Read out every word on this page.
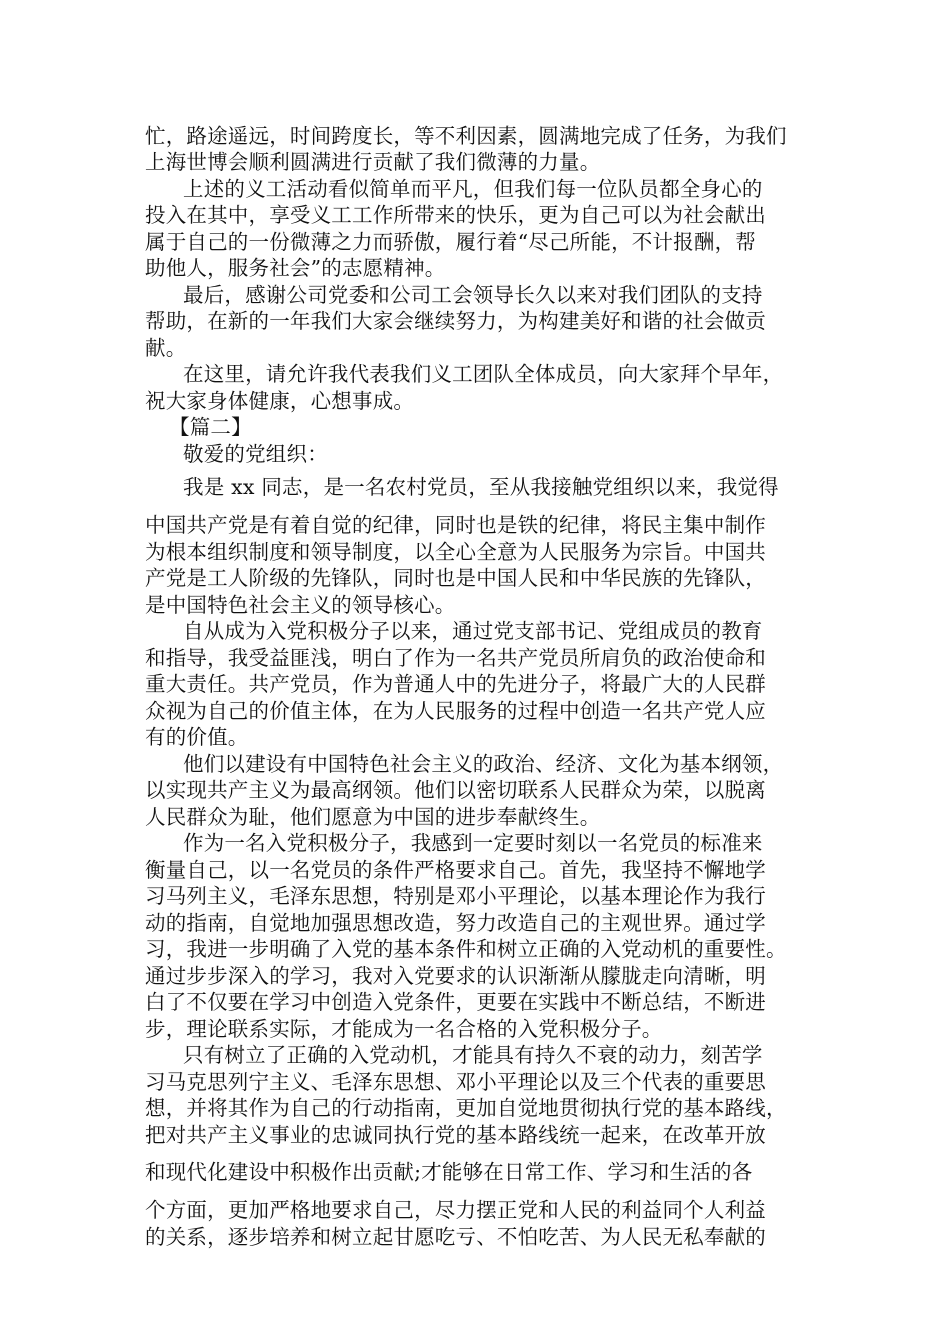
忙，路途遥远，时间跨度长，等不利因素，圆满地完成了任务，为我们
上海世博会顺利圆满进行贡献了我们微薄的力量。
上述的义工活动看似简单而平凡，但我们每一位队员都全身心的
投入在其中，享受义工工作所带来的快乐，更为自己可以为社会献出
属于自己的一份微薄之力而骄傲，履行着“尽己所能，不计报酬，帮
助他人，服务社会”的志愿精神。
最后，感谢公司党委和公司工会领导长久以来对我们团队的支持
帮助，在新的一年我们大家会继续努力，为构建美好和谐的社会做贡
献。
在这里，请允许我代表我们义工团队全体成员，向大家拜个早年，
祝大家身体健康，心想事成。
【篇二】
敬爱的党组织：
我是 xx 同志，是一名农村党员，至从我接触党组织以来，我觉得
中国共产党是有着自觉的纪律，同时也是铁的纪律，将民主集中制作
为根本组织制度和领导制度，以全心全意为人民服务为宗旨。中国共
产党是工人阶级的先锋队，同时也是中国人民和中华民族的先锋队，
是中国特色社会主义的领导核心。
自从成为入党积极分子以来，通过党支部书记、党组成员的教育
和指导，我受益匪浅，明白了作为一名共产党员所肩负的政治使命和
重大责任。共产党员，作为普通人中的先进分子，将最广大的人民群
众视为自己的价值主体，在为人民服务的过程中创造一名共产党人应
有的价值。
他们以建设有中国特色社会主义的政治、经济、文化为基本纲领，
以实现共产主义为最高纲领。他们以密切联系人民群众为荣，以脱离
人民群众为耻，他们愿意为中国的进步奉献终生。
作为一名入党积极分子，我感到一定要时刻以一名党员的标准来
衡量自己，以一名党员的条件严格要求自己。首先，我坚持不懈地学
习马列主义，毛泽东思想，特别是邓小平理论，以基本理论作为我行
动的指南，自觉地加强思想改造，努力改造自己的主观世界。通过学
习，我进一步明确了入党的基本条件和树立正确的入党动机的重要性。
通过步步深入的学习，我对入党要求的认识渐渐从朦胧走向清晰，明
白了不仅要在学习中创造入党条件，更要在实践中不断总结，不断进
步，理论联系实际，才能成为一名合格的入党积极分子。
只有树立了正确的入党动机，才能具有持久不衰的动力，刻苦学
习马克思列宁主义、毛泽东思想、邓小平理论以及三个代表的重要思
想，并将其作为自己的行动指南，更加自觉地贯彻执行党的基本路线，
把对共产主义事业的忠诚同执行党的基本路线统一起来，在改革开放
和现代化建设中积极作出贡献;才能够在日常工作、学习和生活的各
个方面，更加严格地要求自己，尽力摆正党和人民的利益同个人利益
的关系，逐步培养和树立起甘愿吃亏、不怕吃苦、为人民无私奉献的
